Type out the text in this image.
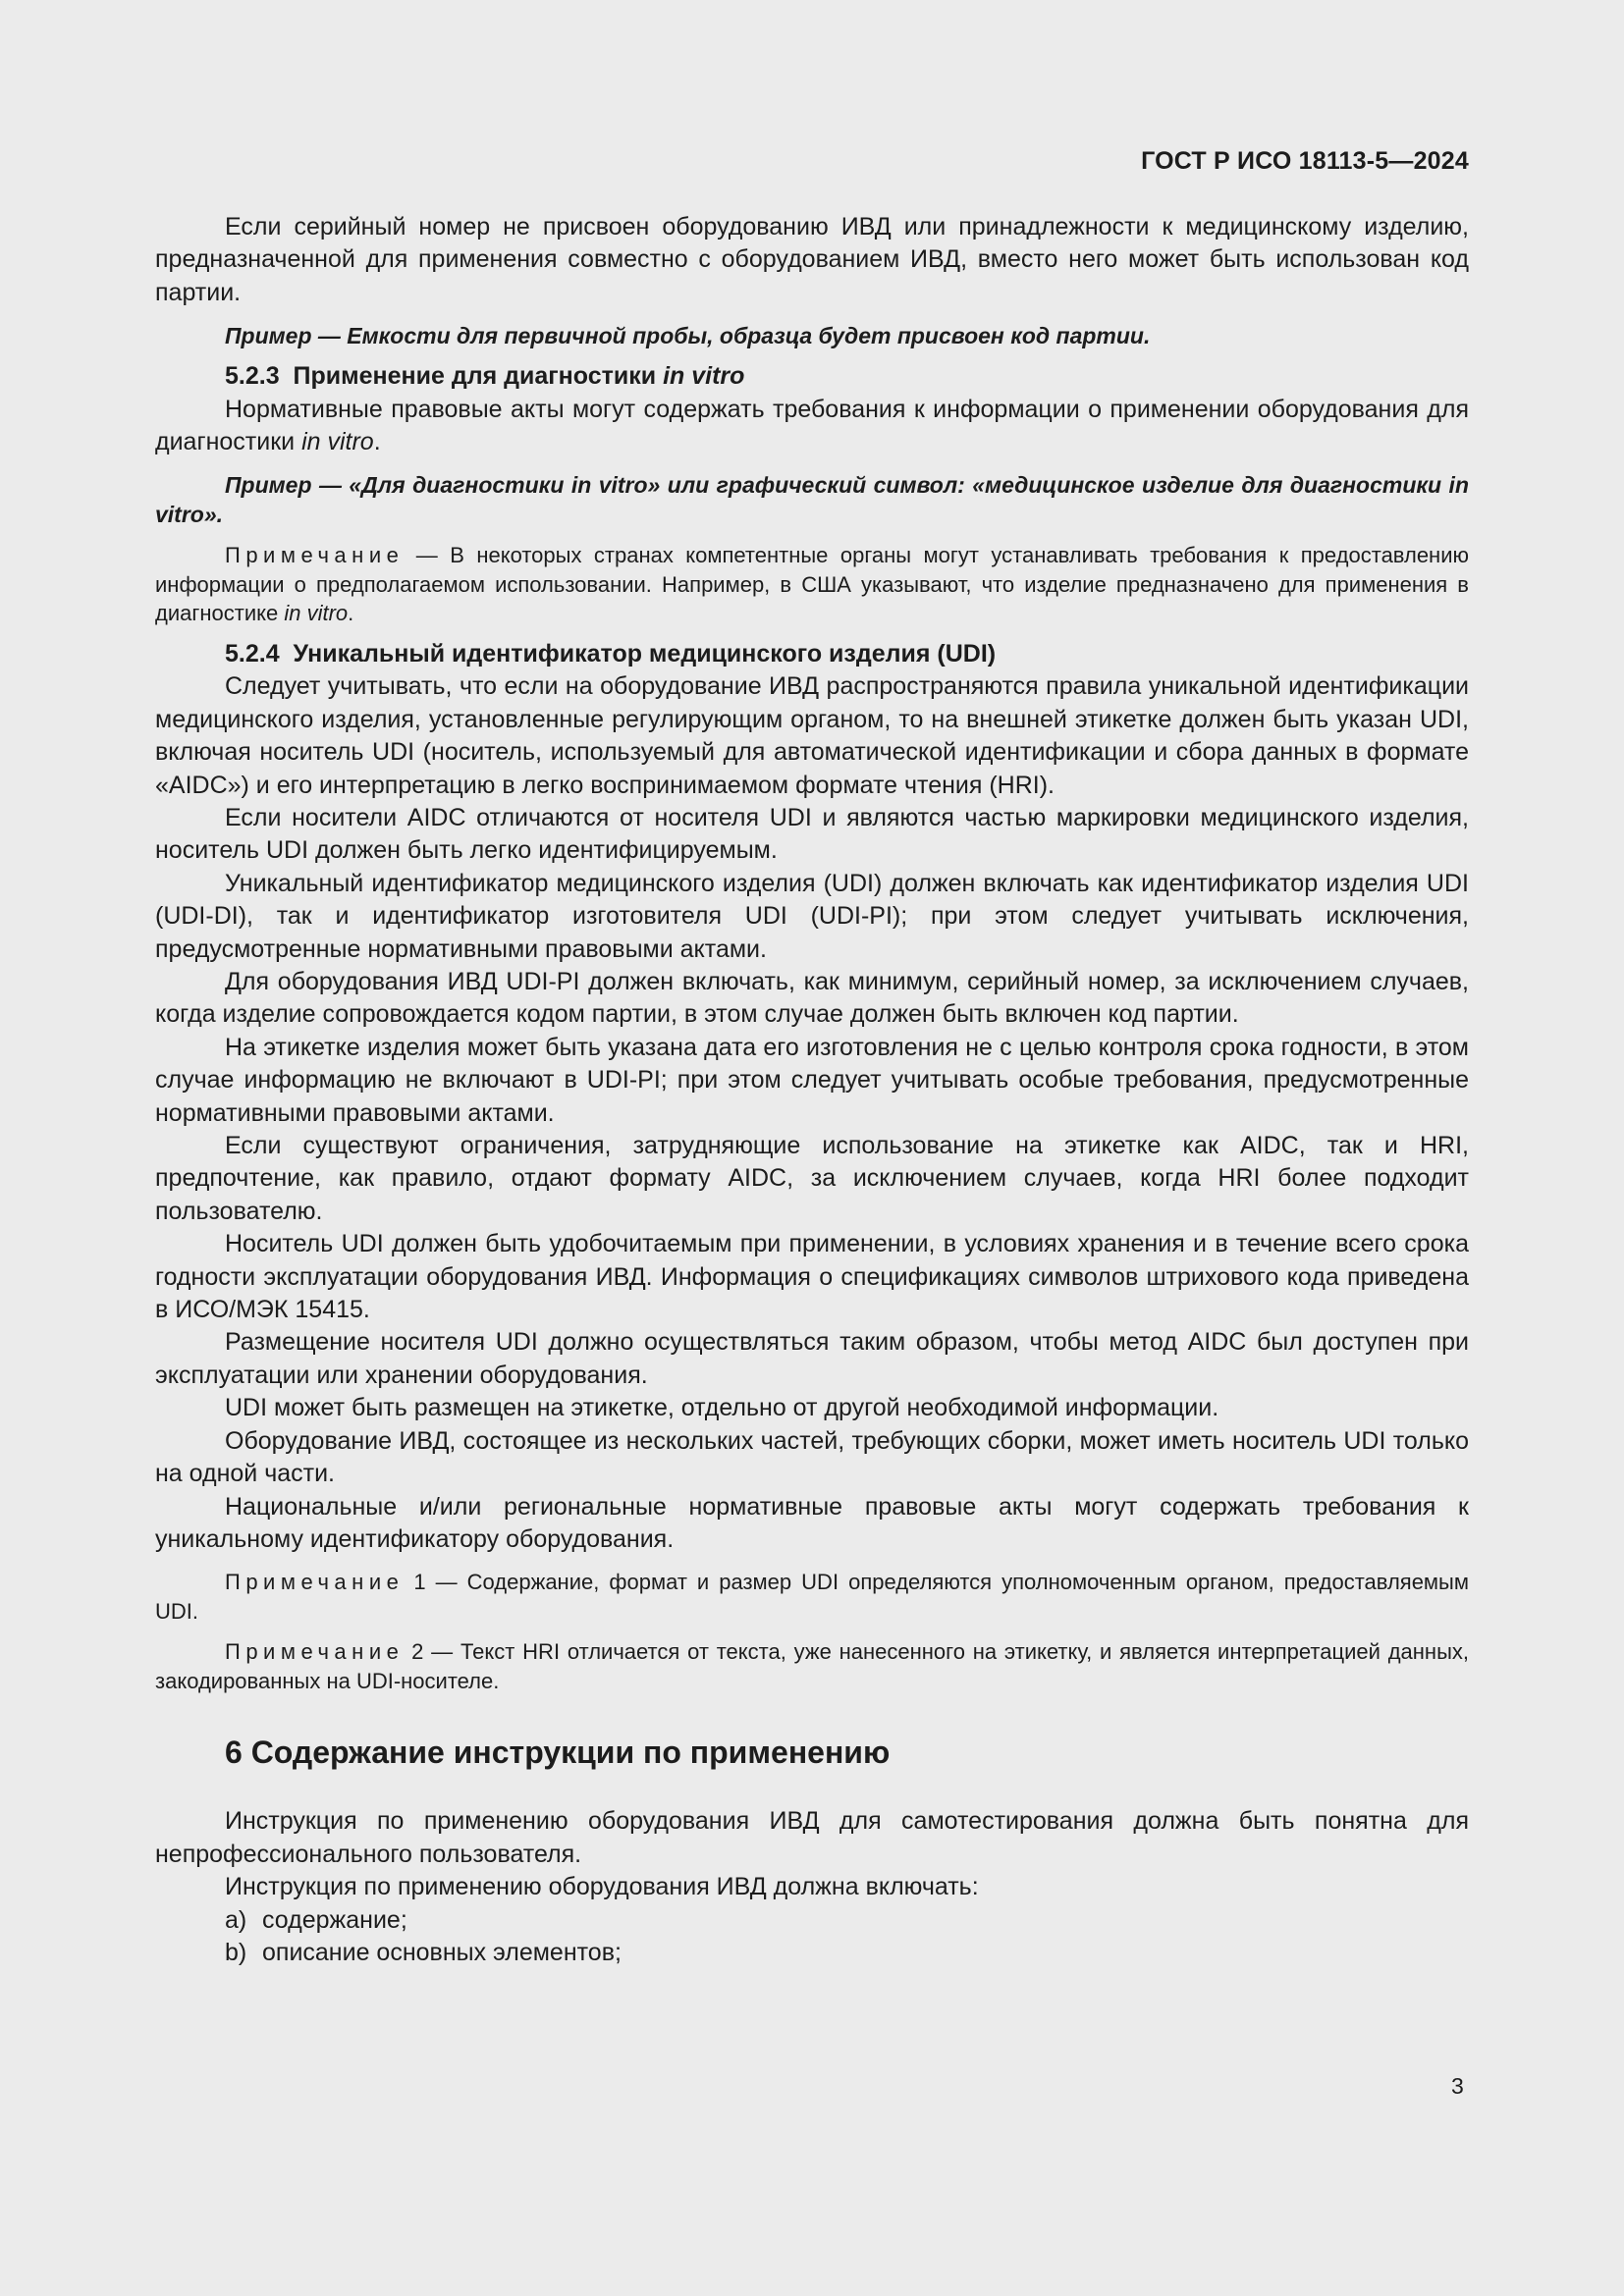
ГОСТ Р ИСО 18113-5—2024

Если серийный номер не присвоен оборудованию ИВД или принадлежности к медицинскому изделию, предназначенной для применения совместно с оборудованием ИВД, вместо него может быть использован код партии.

Пример — Емкости для первичной пробы, образца будет присвоен код партии.

5.2.3 Применение для диагностики in vitro

Нормативные правовые акты могут содержать требования к информации о применении оборудования для диагностики in vitro.

Пример — «Для диагностики in vitro» или графический символ: «медицинское изделие для диагностики in vitro».

Примечание — В некоторых странах компетентные органы могут устанавливать требования к предоставлению информации о предполагаемом использовании. Например, в США указывают, что изделие предназначено для применения в диагностике in vitro.

5.2.4 Уникальный идентификатор медицинского изделия (UDI)

Следует учитывать, что если на оборудование ИВД распространяются правила уникальной идентификации медицинского изделия, установленные регулирующим органом, то на внешней этикетке должен быть указан UDI, включая носитель UDI (носитель, используемый для автоматической идентификации и сбора данных в формате «AIDC») и его интерпретацию в легко воспринимаемом формате чтения (HRI).

Если носители AIDC отличаются от носителя UDI и являются частью маркировки медицинского изделия, носитель UDI должен быть легко идентифицируемым.

Уникальный идентификатор медицинского изделия (UDI) должен включать как идентификатор изделия UDI (UDI-DI), так и идентификатор изготовителя UDI (UDI-PI); при этом следует учитывать исключения, предусмотренные нормативными правовыми актами.

Для оборудования ИВД UDI-PI должен включать, как минимум, серийный номер, за исключением случаев, когда изделие сопровождается кодом партии, в этом случае должен быть включен код партии.

На этикетке изделия может быть указана дата его изготовления не с целью контроля срока годности, в этом случае информацию не включают в UDI-PI; при этом следует учитывать особые требования, предусмотренные нормативными правовыми актами.

Если существуют ограничения, затрудняющие использование на этикетке как AIDC, так и HRI, предпочтение, как правило, отдают формату AIDC, за исключением случаев, когда HRI более подходит пользователю.

Носитель UDI должен быть удобочитаемым при применении, в условиях хранения и в течение всего срока годности эксплуатации оборудования ИВД. Информация о спецификациях символов штрихового кода приведена в ИСО/МЭК 15415.

Размещение носителя UDI должно осуществляться таким образом, чтобы метод AIDC был доступен при эксплуатации или хранении оборудования.

UDI может быть размещен на этикетке, отдельно от другой необходимой информации.

Оборудование ИВД, состоящее из нескольких частей, требующих сборки, может иметь носитель UDI только на одной части.

Национальные и/или региональные нормативные правовые акты могут содержать требования к уникальному идентификатору оборудования.

Примечание 1 — Содержание, формат и размер UDI определяются уполномоченным органом, предоставляемым UDI.

Примечание 2 — Текст HRI отличается от текста, уже нанесенного на этикетку, и является интерпретацией данных, закодированных на UDI-носителе.

6 Содержание инструкции по применению

Инструкция по применению оборудования ИВД для самотестирования должна быть понятна для непрофессионального пользователя.

Инструкция по применению оборудования ИВД должна включать:

a) содержание;

b) описание основных элементов;

3
